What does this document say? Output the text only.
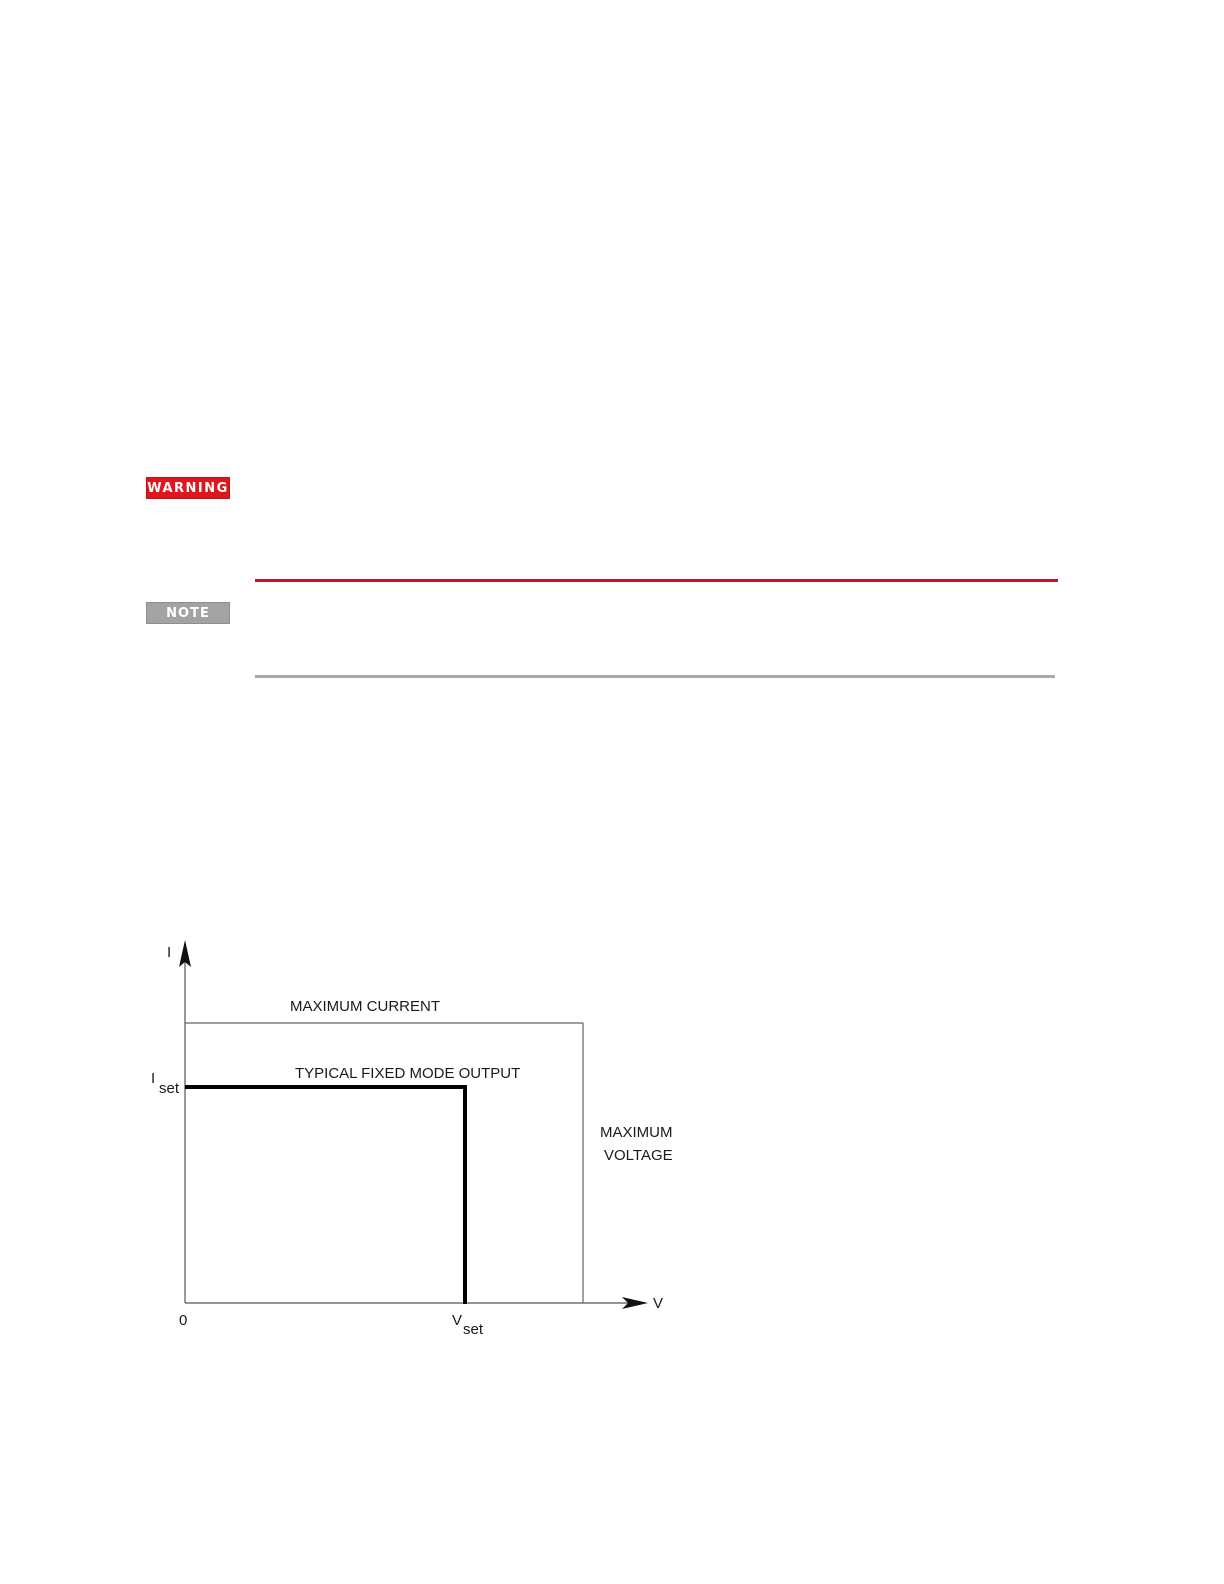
WARNING
NOTE
I
V
0
I
set
V
set
MAXIMUM CURRENT
TYPICAL FIXED MODE OUTPUT
MAXIMUM
VOLTAGE
